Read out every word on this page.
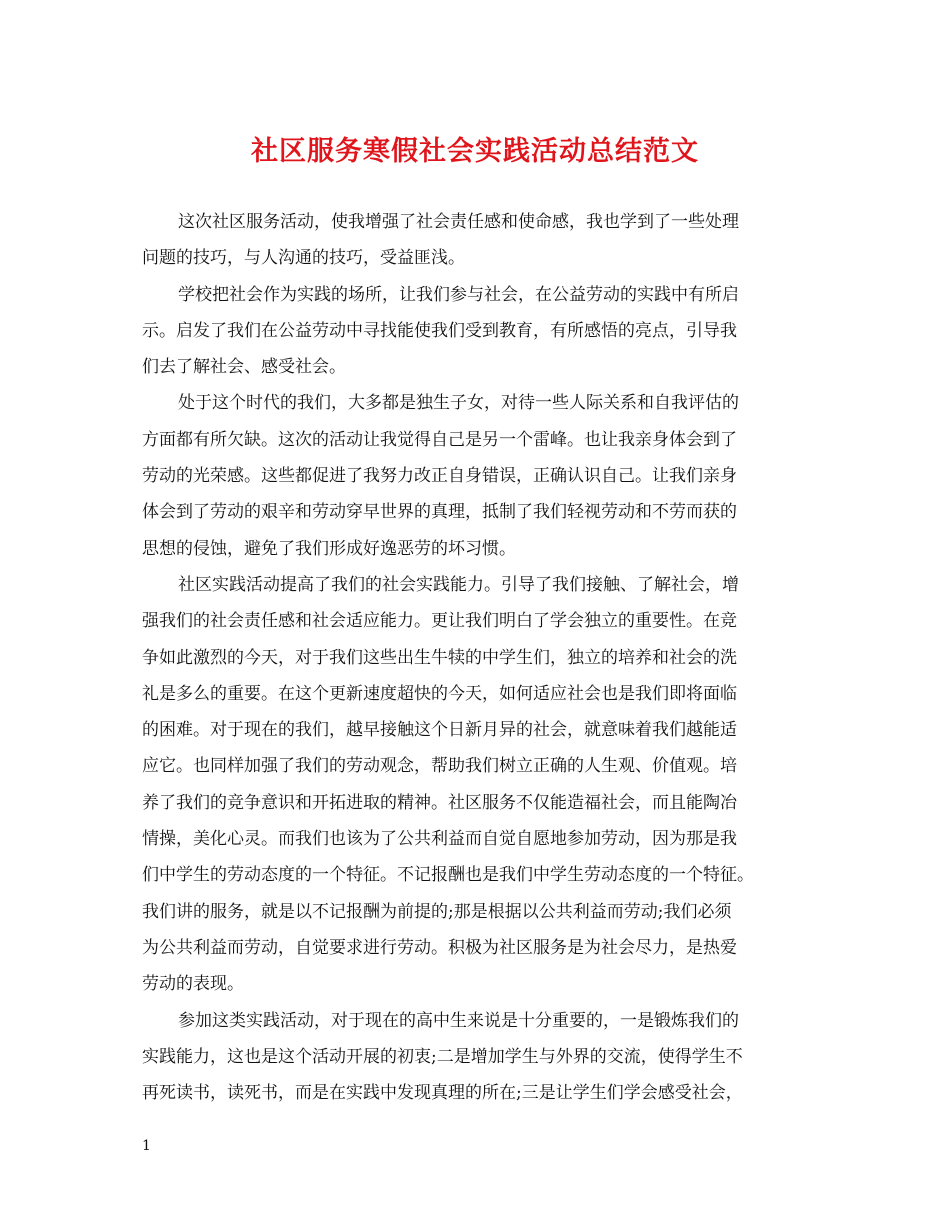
社区服务寒假社会实践活动总结范文
这次社区服务活动，使我增强了社会责任感和使命感，我也学到了一些处理
问题的技巧，与人沟通的技巧，受益匪浅。
学校把社会作为实践的场所，让我们参与社会，在公益劳动的实践中有所启
示。启发了我们在公益劳动中寻找能使我们受到教育，有所感悟的亮点，引导我
们去了解社会、感受社会。
处于这个时代的我们，大多都是独生子女，对待一些人际关系和自我评估的
方面都有所欠缺。这次的活动让我觉得自己是另一个雷峰。也让我亲身体会到了
劳动的光荣感。这些都促进了我努力改正自身错误，正确认识自己。让我们亲身
体会到了劳动的艰辛和劳动穿早世界的真理，抵制了我们轻视劳动和不劳而获的
思想的侵蚀，避免了我们形成好逸恶劳的坏习惯。
社区实践活动提高了我们的社会实践能力。引导了我们接触、了解社会，增
强我们的社会责任感和社会适应能力。更让我们明白了学会独立的重要性。在竞
争如此激烈的今天，对于我们这些出生牛犊的中学生们，独立的培养和社会的洗
礼是多么的重要。在这个更新速度超快的今天，如何适应社会也是我们即将面临
的困难。对于现在的我们，越早接触这个日新月异的社会，就意味着我们越能适
应它。也同样加强了我们的劳动观念，帮助我们树立正确的人生观、价值观。培
养了我们的竞争意识和开拓进取的精神。社区服务不仅能造福社会，而且能陶冶
情操，美化心灵。而我们也该为了公共利益而自觉自愿地参加劳动，因为那是我
们中学生的劳动态度的一个特征。不记报酬也是我们中学生劳动态度的一个特征。
我们讲的服务，就是以不记报酬为前提的;那是根据以公共利益而劳动;我们必须
为公共利益而劳动，自觉要求进行劳动。积极为社区服务是为社会尽力，是热爱
劳动的表现。
参加这类实践活动，对于现在的高中生来说是十分重要的，一是锻炼我们的
实践能力，这也是这个活动开展的初衷;二是增加学生与外界的交流，使得学生不
再死读书，读死书，而是在实践中发现真理的所在;三是让学生们学会感受社会，
1
